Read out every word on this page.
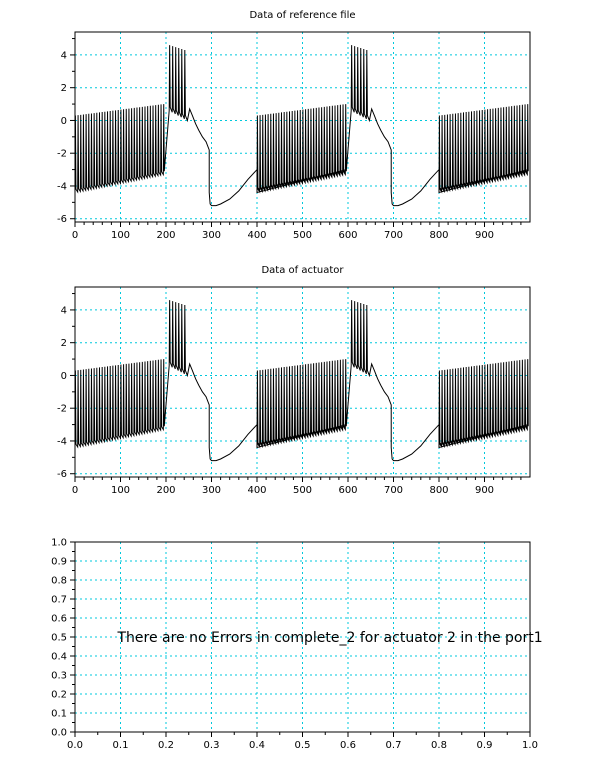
Data of reference file
0	100	200	300	400	500	600	700	800	900
-6
-4
-2
0
2
4
Data of actuator
0	100	200	300	400	500	600	700	800	900
-6
-4
-2
0
2
4
0.0	0.1	0.2	0.3	0.4	0.5	0.6	0.7	0.8	0.9	1.0
0.0
0.1
0.2
0.3
0.4
0.5
0.6
0.7
0.8
0.9
1.0
There are no Errors in complete_2 for actuator 2 in the port1
